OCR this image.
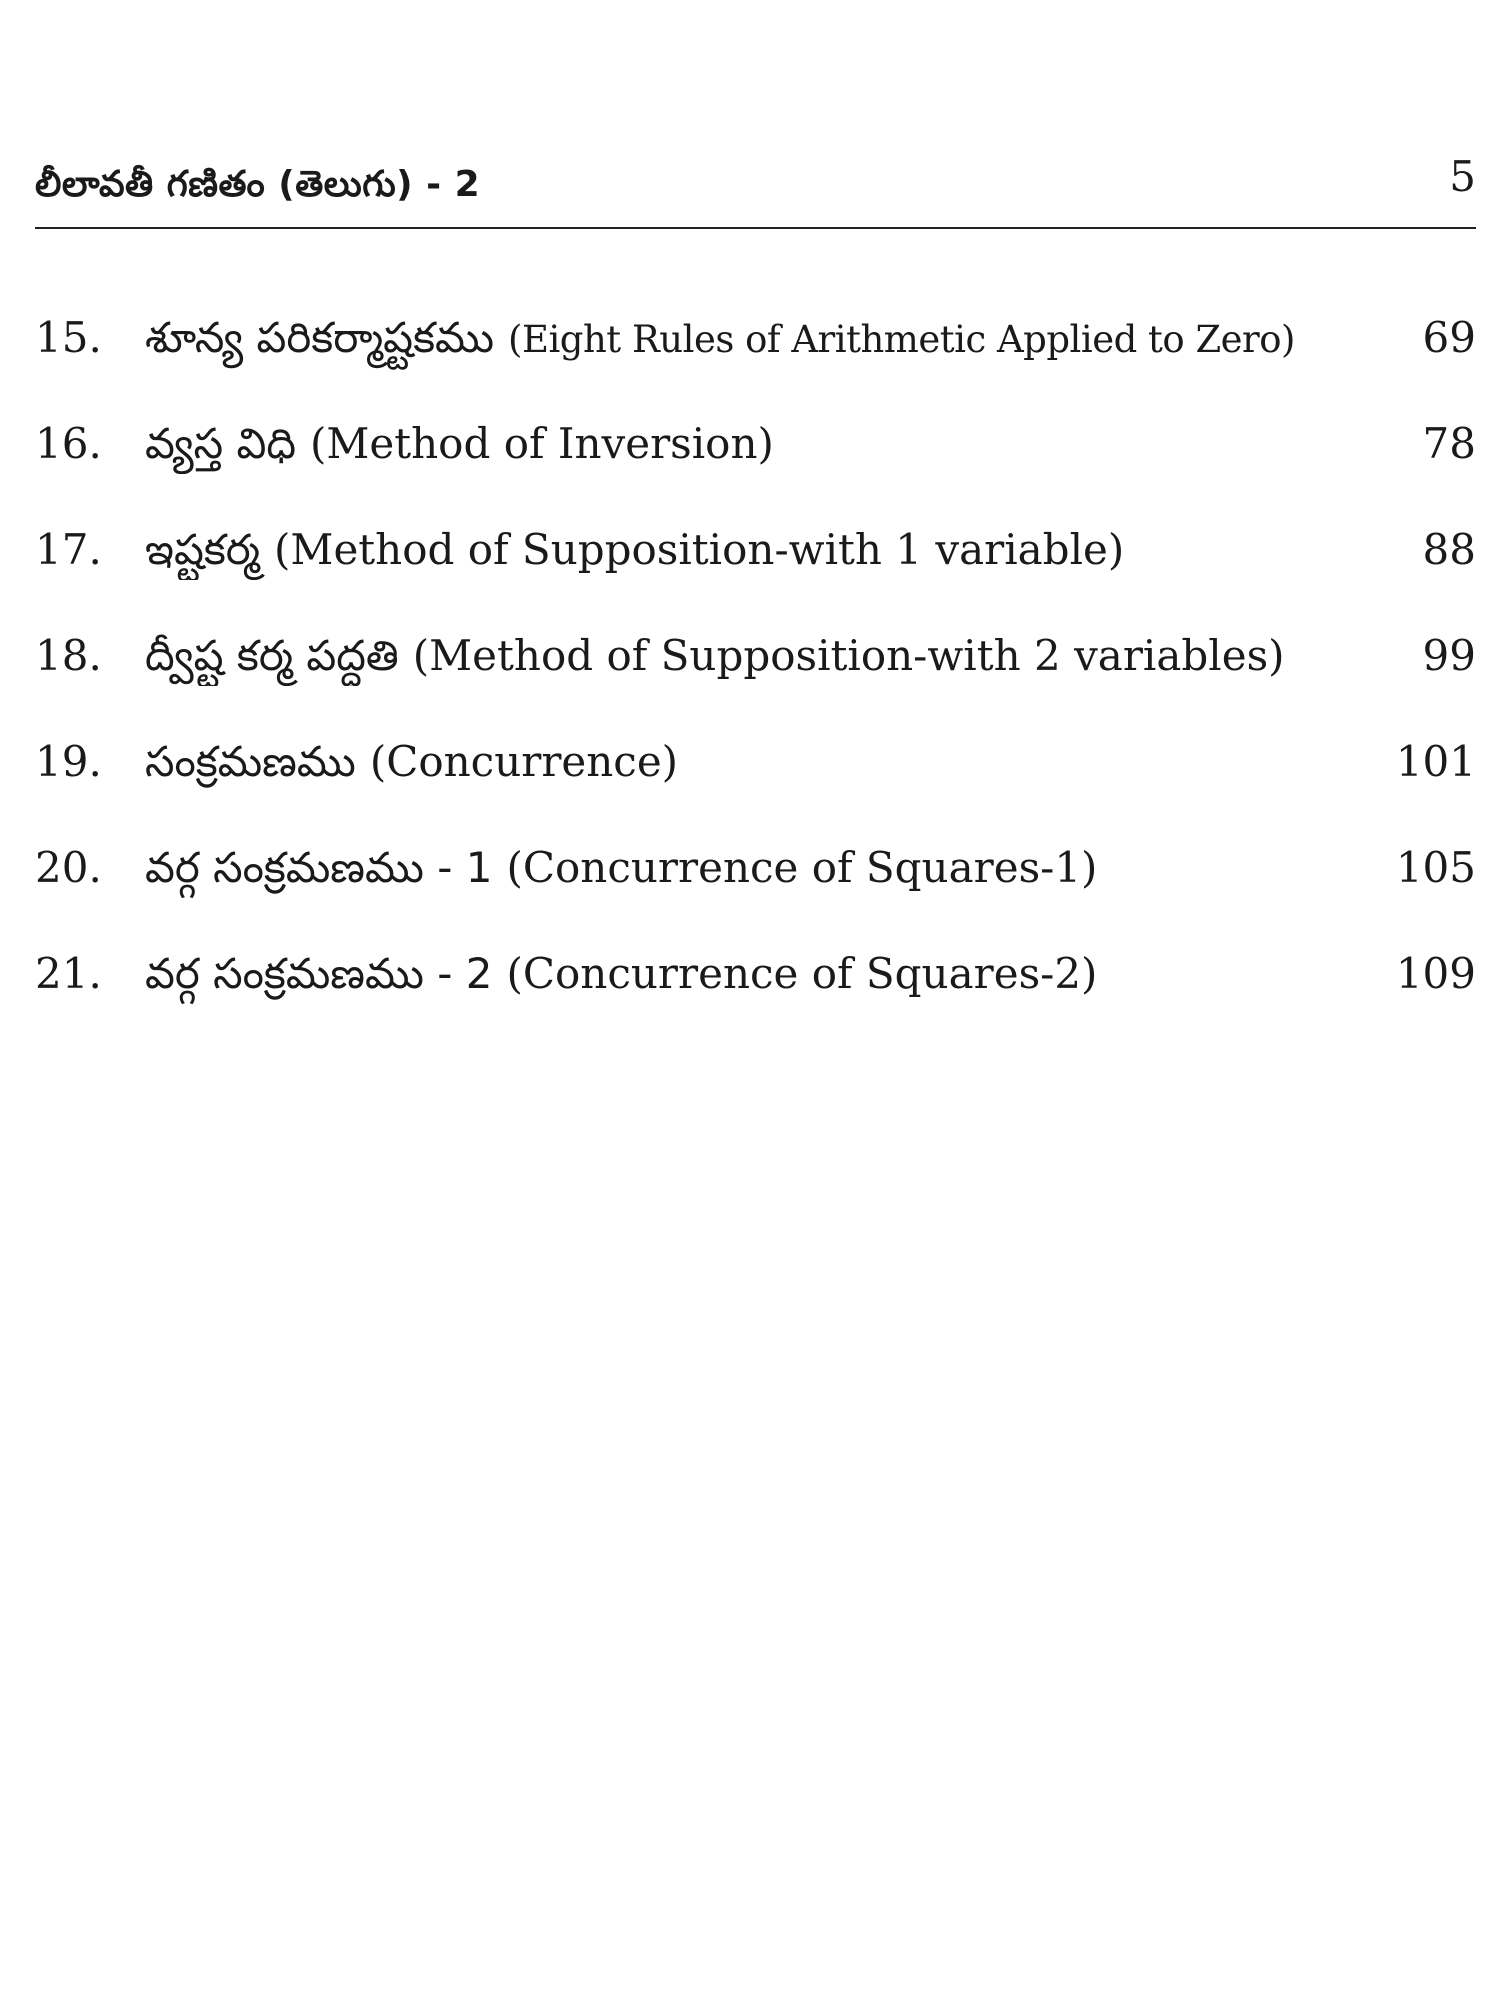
లీలావతీ గణితం (తెలుగు) - 2	5
15.	శూన్య పరికర్మాష్టకము (Eight Rules of Arithmetic Applied to Zero)	69
16.	వ్యస్త విధి (Method of Inversion)	78
17.	ఇష్టకర్మ (Method of Supposition-with 1 variable)	88
18.	ద్వీష్ట కర్మ పద్ధతి (Method of Supposition-with 2 variables)	99
19.	సంక్రమణము (Concurrence)	101
20.	వర్గ సంక్రమణము - 1 (Concurrence of Squares-1)	105
21.	వర్గ సంక్రమణము - 2 (Concurrence of Squares-2)	109
